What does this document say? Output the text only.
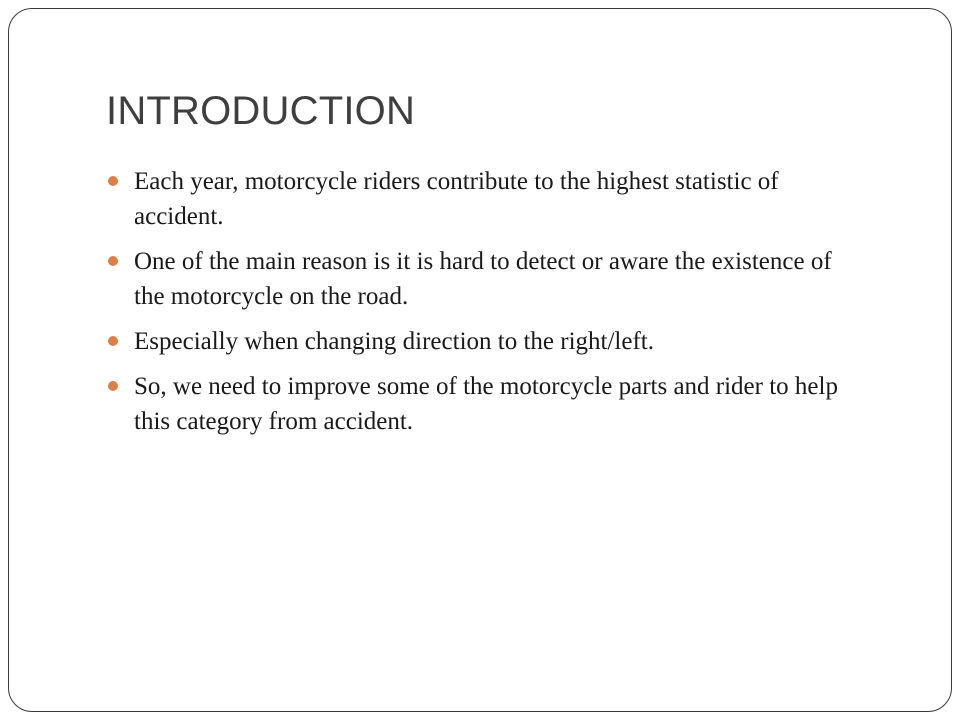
INTRODUCTION
Each year, motorcycle riders contribute to the highest statistic of accident.
One of the main reason is it is hard to detect or aware the existence of the motorcycle on the road.
Especially when changing direction to the right/left.
So, we need to improve some of the motorcycle parts and rider to help this category from accident.
